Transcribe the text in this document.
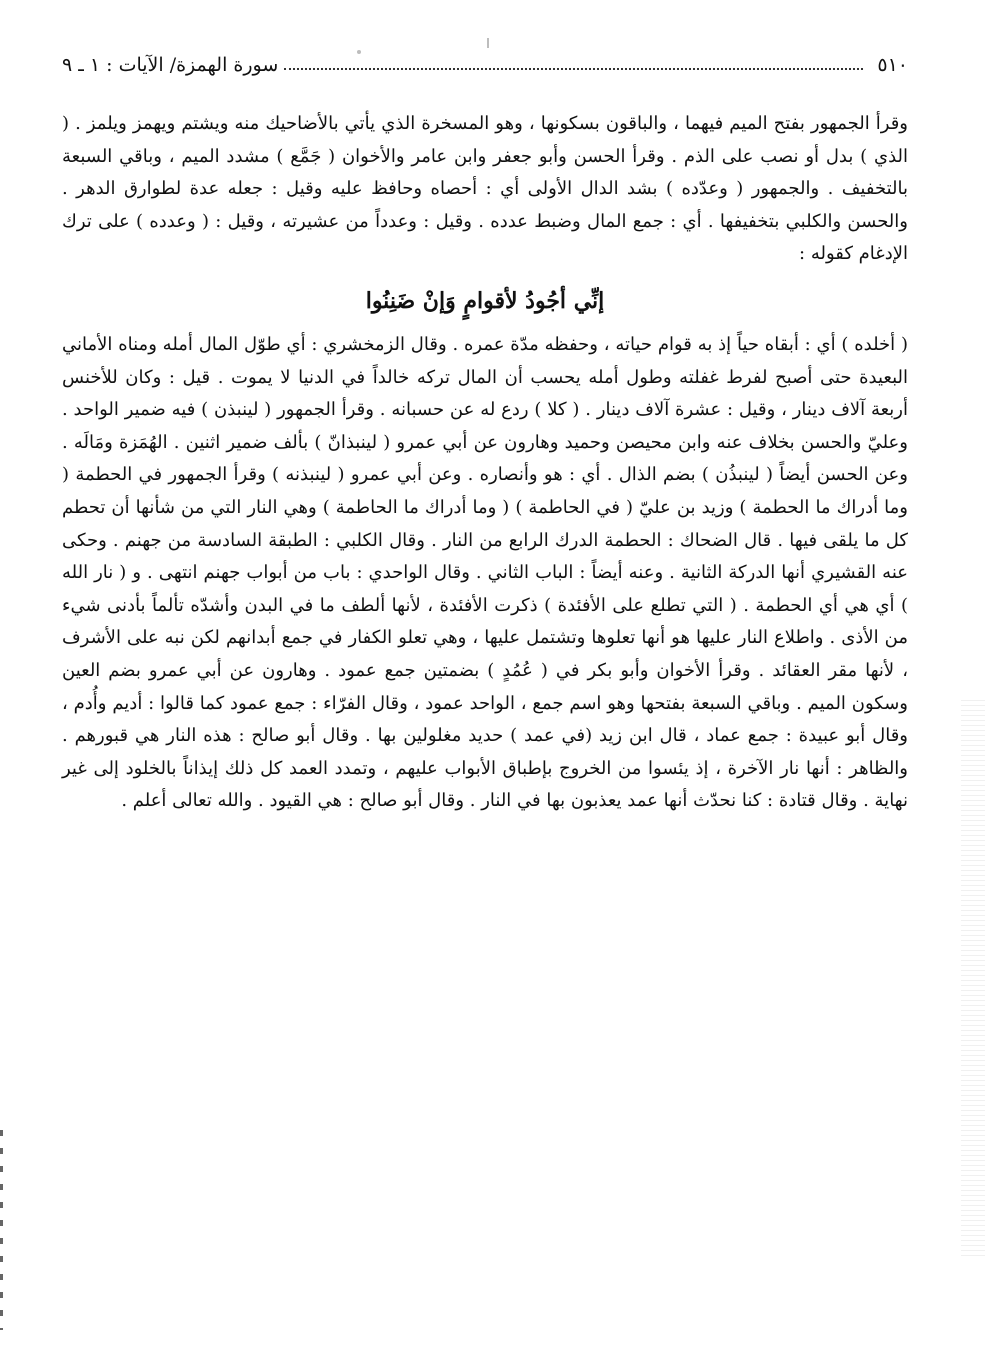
٥١٠
سورة الهمزة/ الآيات : ١ ـ ٩

وقرأ الجمهور بفتح الميم فيهما ، والباقون بسكونها ، وهو المسخرة الذي يأتي بالأضاحيك منه ويشتم ويهمز ويلمز . ( الذي ) بدل أو نصب على الذم . وقرأ الحسن وأبو جعفر وابن عامر والأخوان ( جَمَّع ) مشدد الميم ، وباقي السبعة بالتخفيف . والجمهور ( وعدّده ) بشد الدال الأولى أي : أحصاه وحافظ عليه وقيل : جعله عدة لطوارق الدهر . والحسن والكلبي بتخفيفها . أي : جمع المال وضبط عدده . وقيل : وعدداً من عشيرته ، وقيل : ( وعدده ) على ترك الإدغام كقوله :

إنِّي أجُودُ لأقوامٍ وَإنْ ضَنِنُوا

( أخلده ) أي : أبقاه حياً إذ به قوام حياته ، وحفظه مدّة عمره . وقال الزمخشري : أي طوّل المال أمله ومناه الأماني البعيدة حتى أصبح لفرط غفلته وطول أمله يحسب أن المال تركه خالداً في الدنيا لا يموت . قيل : وكان للأخنس أربعة آلاف دينار ، وقيل : عشرة آلاف دينار . ( كلا ) ردع له عن حسبانه . وقرأ الجمهور ( لينبذن ) فيه ضمير الواحد . وعليّ والحسن بخلاف عنه وابن محيصن وحميد وهارون عن أبي عمرو ( لينبذانّ ) بألف ضمير اثنين . الهُمَزة ومَالَه . وعن الحسن أيضاً ( لينبذُن ) بضم الذال . أي : هو وأنصاره . وعن أبي عمرو ( لينبذنه ) وقرأ الجمهور في الحطمة ( وما أدراك ما الحطمة ) وزيد بن عليّ ( في الحاطمة ) ( وما أدراك ما الحاطمة ) وهي النار التي من شأنها أن تحطم كل ما يلقى فيها . قال الضحاك : الحطمة الدرك الرابع من النار . وقال الكلبي : الطبقة السادسة من جهنم . وحكى عنه القشيري أنها الدركة الثانية . وعنه أيضاً : الباب الثاني . وقال الواحدي : باب من أبواب جهنم انتهى . و ( نار الله ) أي هي أي الحطمة . ( التي تطلع على الأفئدة ) ذكرت الأفئدة ، لأنها ألطف ما في البدن وأشدّه تألماً بأدنى شيء من الأذى . واطلاع النار عليها هو أنها تعلوها وتشتمل عليها ، وهي تعلو الكفار في جمع أبدانهم لكن نبه على الأشرف ، لأنها مقر العقائد . وقرأ الأخوان وأبو بكر في ( عُمُدٍ ) بضمتين جمع عمود . وهارون عن أبي عمرو بضم العين وسكون الميم . وباقي السبعة بفتحها وهو اسم جمع ، الواحد عمود ، وقال الفرّاء : جمع عمود كما قالوا : أديم وأُدم ، وقال أبو عبيدة : جمع عماد ، قال ابن زيد (في عمد ) حديد مغلولين بها . وقال أبو صالح : هذه النار هي قبورهم . والظاهر : أنها نار الآخرة ، إذ يئسوا من الخروج بإطباق الأبواب عليهم ، وتمدد العمد كل ذلك إيذاناً بالخلود إلى غير نهاية . وقال قتادة : كنا نحدّث أنها عمد يعذبون بها في النار . وقال أبو صالح : هي القيود . والله تعالى أعلم .
